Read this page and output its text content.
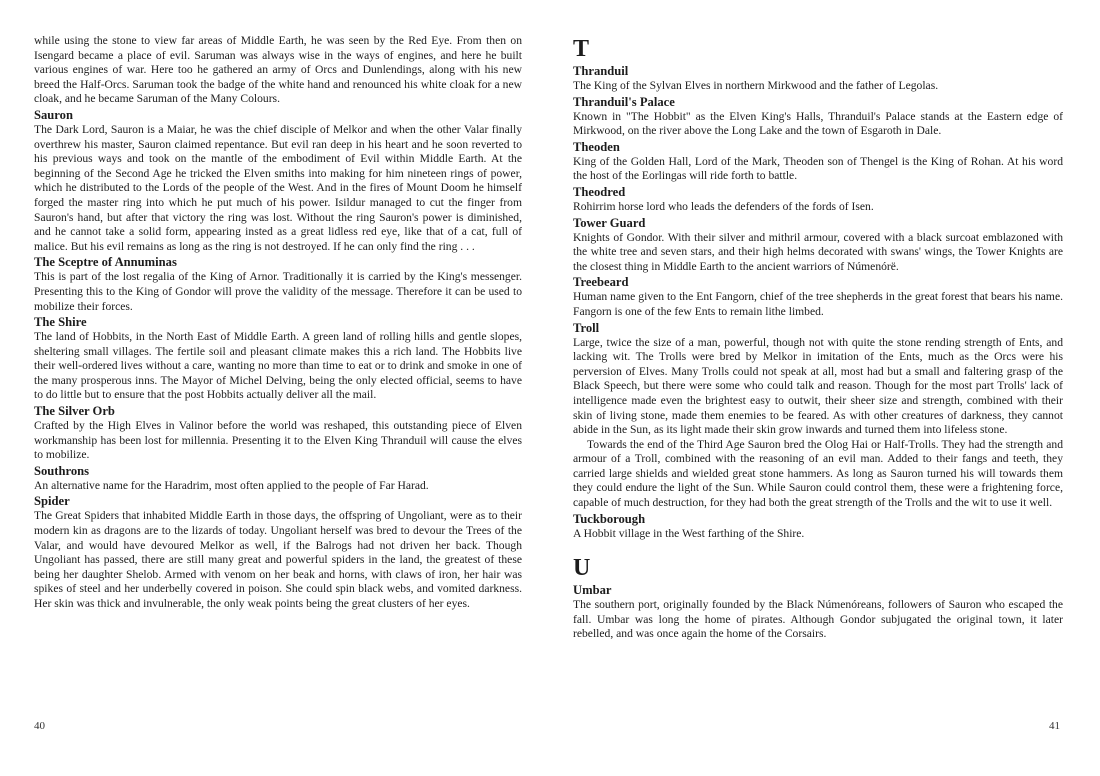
while using the stone to view far areas of Middle Earth, he was seen by the Red Eye. From then on Isengard became a place of evil. Saruman was always wise in the ways of engines, and here he built various engines of war. Here too he gathered an army of Orcs and Dunlendings, along with his new breed the Half-Orcs. Saruman took the badge of the white hand and renounced his white cloak for a new cloak, and he became Saruman of the Many Colours.

Sauron

The Dark Lord, Sauron is a Maiar, he was the chief disciple of Melkor and when the other Valar finally overthrew his master, Sauron claimed repentance. But evil ran deep in his heart and he soon reverted to his previous ways and took on the mantle of the embodiment of Evil within Middle Earth. At the beginning of the Second Age he tricked the Elven smiths into making for him nineteen rings of power, which he distributed to the Lords of the people of the West. And in the fires of Mount Doom he himself forged the master ring into which he put much of his power. Isildur managed to cut the finger from Sauron's hand, but after that victory the ring was lost. Without the ring Sauron's power is diminished, and he cannot take a solid form, appearing insted as a great lidless red eye, like that of a cat, full of malice. But his evil remains as long as the ring is not destroyed. If he can only find the ring . . .

The Sceptre of Annuminas

This is part of the lost regalia of the King of Arnor. Traditionally it is carried by the King's messenger. Presenting this to the King of Gondor will prove the validity of the message. Therefore it can be used to mobilize their forces.

The Shire

The land of Hobbits, in the North East of Middle Earth. A green land of rolling hills and gentle slopes, sheltering small villages. The fertile soil and pleasant climate makes this a rich land. The Hobbits live their well-ordered lives without a care, wanting no more than time to eat or to drink and smoke in one of the many prosperous inns. The Mayor of Michel Delving, being the only elected official, seems to have to do little but to ensure that the post Hobbits actually deliver all the mail.

The Silver Orb

Crafted by the High Elves in Valinor before the world was reshaped, this outstanding piece of Elven workmanship has been lost for millennia. Presenting it to the Elven King Thranduil will cause the elves to mobilize.

Southrons

An alternative name for the Haradrim, most often applied to the people of Far Harad.

Spider

The Great Spiders that inhabited Middle Earth in those days, the offspring of Ungoliant, were as to their modern kin as dragons are to the lizards of today. Ungoliant herself was bred to devour the Trees of the Valar, and would have devoured Melkor as well, if the Balrogs had not driven her back. Though Ungoliant has passed, there are still many great and powerful spiders in the land, the greatest of these being her daughter Shelob. Armed with venom on her beak and horns, with claws of iron, her hair was spikes of steel and her underbelly covered in poison. She could spin black webs, and vomited darkness. Her skin was thick and invulnerable, the only weak points being the great clusters of her eyes.

40
T
Thranduil

The King of the Sylvan Elves in northern Mirkwood and the father of Legolas.

Thranduil's Palace

Known in "The Hobbit" as the Elven King's Halls, Thranduil's Palace stands at the Eastern edge of Mirkwood, on the river above the Long Lake and the town of Esgaroth in Dale.

Theoden

King of the Golden Hall, Lord of the Mark, Theoden son of Thengel is the King of Rohan. At his word the host of the Eorlingas will ride forth to battle.

Theodred

Rohirrim horse lord who leads the defenders of the fords of Isen.

Tower Guard

Knights of Gondor. With their silver and mithril armour, covered with a black surcoat emblazoned with the white tree and seven stars, and their high helms decorated with swans' wings, the Tower Knights are the closest thing in Middle Earth to the ancient warriors of Númenórë.

Treebeard

Human name given to the Ent Fangorn, chief of the tree shepherds in the great forest that bears his name. Fangorn is one of the few Ents to remain lithe limbed.

Troll

Large, twice the size of a man, powerful, though not with quite the stone rending strength of Ents, and lacking wit. The Trolls were bred by Melkor in imitation of the Ents, much as the Orcs were his perversion of Elves. Many Trolls could not speak at all, most had but a small and faltering grasp of the Black Speech, but there were some who could talk and reason. Though for the most part Trolls' lack of intelligence made even the brightest easy to outwit, their sheer size and strength, combined with their skin of living stone, made them enemies to be feared. As with other creatures of darkness, they cannot abide in the Sun, as its light made their skin grow inwards and turned them into lifeless stone.

Towards the end of the Third Age Sauron bred the Olog Hai or Half-Trolls. They had the strength and armour of a Troll, combined with the reasoning of an evil man. Added to their fangs and teeth, they carried large shields and wielded great stone hammers. As long as Sauron turned his will towards them they could endure the light of the Sun. While Sauron could control them, these were a frightening force, capable of much destruction, for they had both the great strength of the Trolls and the wit to use it well.

Tuckborough

A Hobbit village in the West farthing of the Shire.

U
Umbar

The southern port, originally founded by the Black Númenóreans, followers of Sauron who escaped the fall. Umbar was long the home of pirates. Although Gondor subjugated the original town, it later rebelled, and was once again the home of the Corsairs.

41
